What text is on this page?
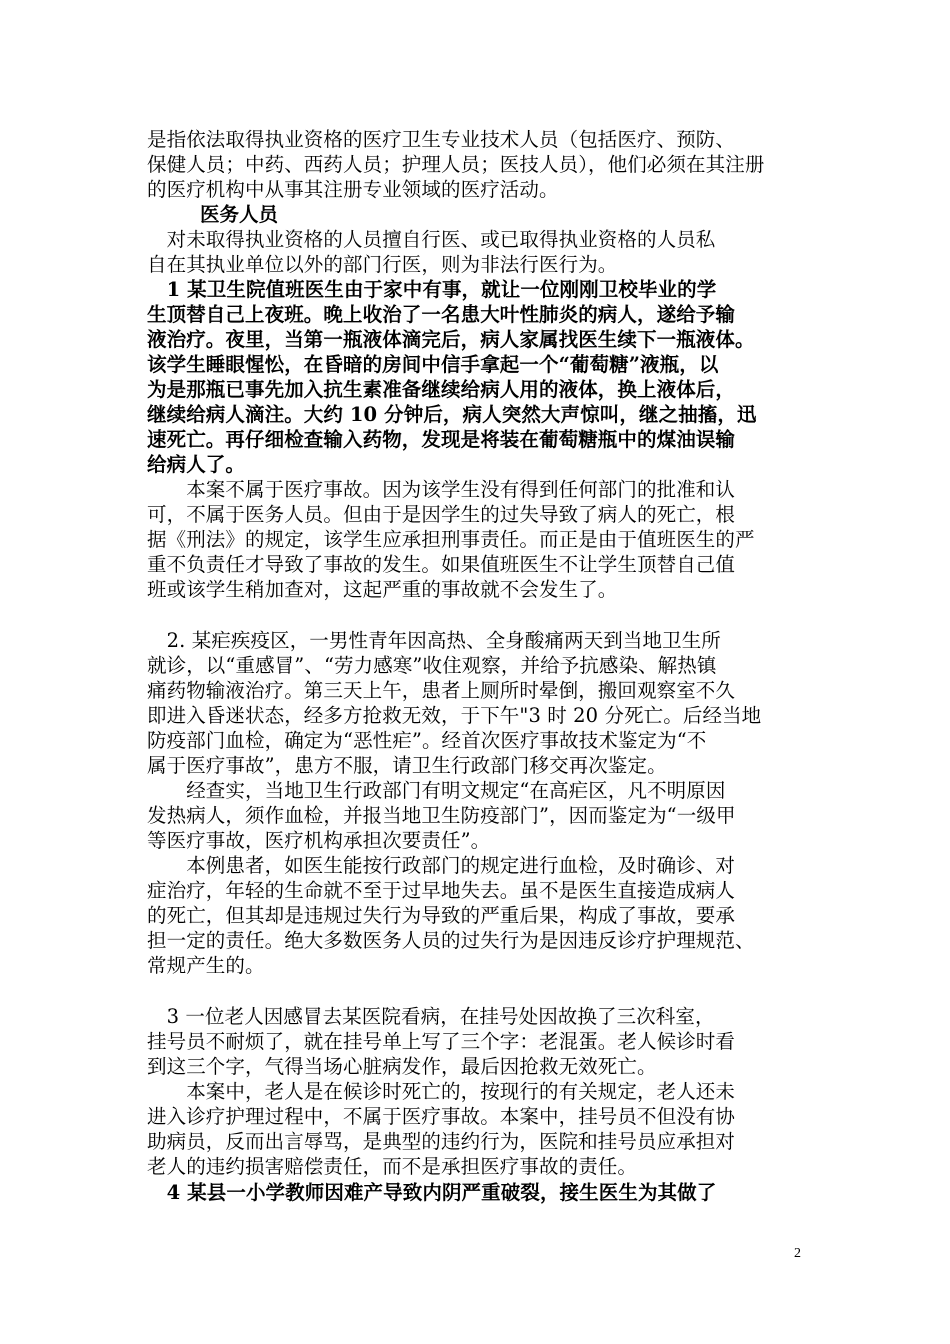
是指依法取得执业资格的医疗卫生专业技术人员（包括医疗、预防、
保健人员；中药、西药人员；护理人员；医技人员），他们必须在其注册
的医疗机构中从事其注册专业领域的医疗活动。
医务人员
　对未取得执业资格的人员擅自行医、或已取得执业资格的人员私
自在其执业单位以外的部门行医，则为非法行医行为。
　1 某卫生院值班医生由于家中有事，就让一位刚刚卫校毕业的学
生顶替自己上夜班。晚上收治了一名患大叶性肺炎的病人，遂给予输
液治疗。夜里，当第一瓶液体滴完后，病人家属找医生续下一瓶液体。
该学生睡眼惺忪，在昏暗的房间中信手拿起一个“葡萄糖”液瓶，以
为是那瓶已事先加入抗生素准备继续给病人用的液体，换上液体后，
继续给病人滴注。大约 10 分钟后，病人突然大声惊叫，继之抽搐，迅
速死亡。再仔细检查输入药物，发现是将装在葡萄糖瓶中的煤油误输
给病人了。
　　本案不属于医疗事故。因为该学生没有得到任何部门的批准和认
可，不属于医务人员。但由于是因学生的过失导致了病人的死亡，根
据《刑法》的规定，该学生应承担刑事责任。而正是由于值班医生的严
重不负责任才导致了事故的发生。如果值班医生不让学生顶替自己值
班或该学生稍加查对，这起严重的事故就不会发生了。
　2. 某疟疾疫区，一男性青年因高热、全身酸痛两天到当地卫生所
就诊，以“重感冒”、“劳力感寒”收住观察，并给予抗感染、解热镇
痛药物输液治疗。第三天上午，患者上厕所时晕倒，搬回观察室不久
即进入昏迷状态，经多方抢救无效，于下午"3 时 20 分死亡。后经当地
防疫部门血检，确定为“恶性疟”。经首次医疗事故技术鉴定为“不
属于医疗事故”，患方不服，请卫生行政部门移交再次鉴定。
　　经查实，当地卫生行政部门有明文规定“在高疟区，凡不明原因
发热病人，须作血检，并报当地卫生防疫部门”，因而鉴定为“一级甲
等医疗事故，医疗机构承担次要责任”。
　　本例患者，如医生能按行政部门的规定进行血检，及时确诊、对
症治疗，年轻的生命就不至于过早地失去。虽不是医生直接造成病人
的死亡，但其却是违规过失行为导致的严重后果，构成了事故，要承
担一定的责任。绝大多数医务人员的过失行为是因违反诊疗护理规范、
常规产生的。
　3 一位老人因感冒去某医院看病，在挂号处因故换了三次科室，
挂号员不耐烦了，就在挂号单上写了三个字：老混蛋。老人候诊时看
到这三个字，气得当场心脏病发作，最后因抢救无效死亡。
　　本案中，老人是在候诊时死亡的，按现行的有关规定，老人还未
进入诊疗护理过程中，不属于医疗事故。本案中，挂号员不但没有协
助病员，反而出言辱骂，是典型的违约行为，医院和挂号员应承担对
老人的违约损害赔偿责任，而不是承担医疗事故的责任。
　4 某县一小学教师因难产导致内阴严重破裂，接生医生为其做了
2
